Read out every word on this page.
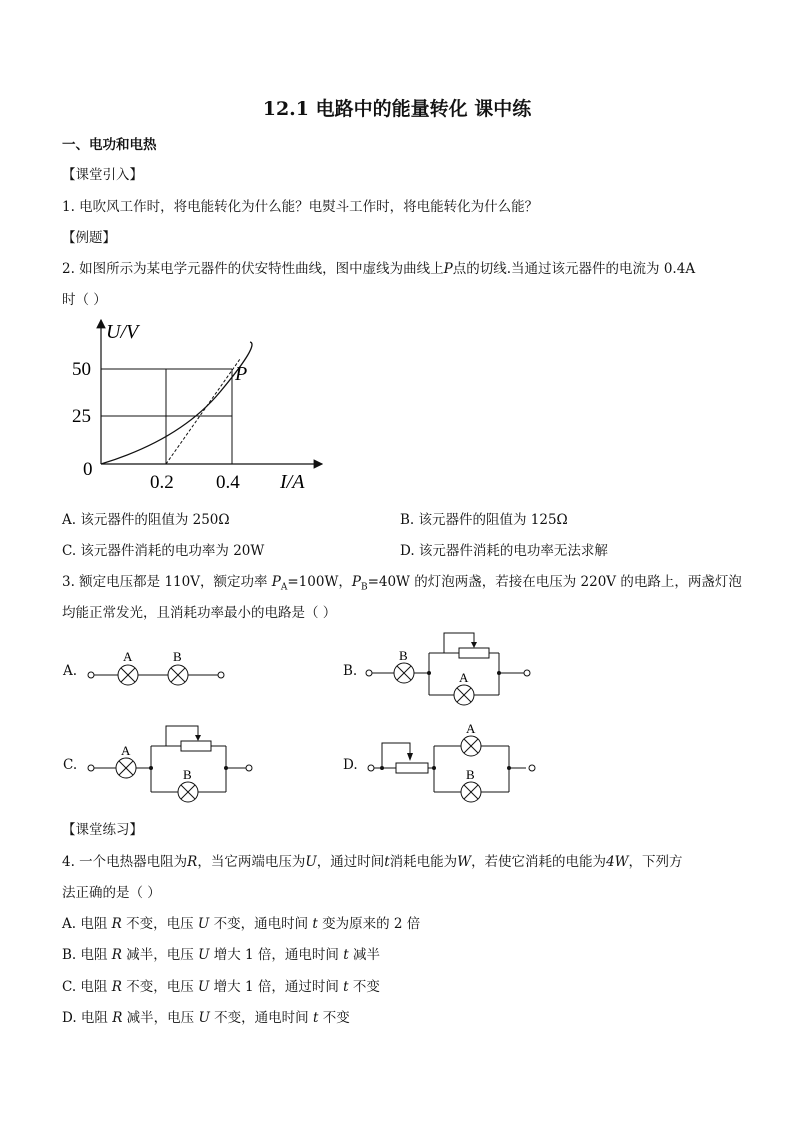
12.1 电路中的能量转化 课中练
一、电功和电热
【课堂引入】
1. 电吹风工作时，将电能转化为什么能？电熨斗工作时，将电能转化为什么能？
【例题】
2. 如图所示为某电学元器件的伏安特性曲线，图中虚线为曲线上P点的切线.当通过该元器件的电流为 0.4A
时（ ）
U/V
I/A
50
25
0
0.2 0.4
P
A. 该元器件的阻值为 250Ω	B. 该元器件的阻值为 125Ω
C. 该元器件消耗的电功率为 20W	D. 该元器件消耗的电功率无法求解
3. 额定电压都是 110V，额定功率 $P_A=100W$，$P_B=40W$ 的灯泡两盏，若接在电压为 220V 的电路上，两盏灯泡
均能正常发光，且消耗功率最小的电路是（ ）
A.	B.
C.	D.
A	B	B
A
A
B
A
B
【课堂练习】
4. 一个电热器电阻为R，当它两端电压为U，通过时间t消耗电能为W，若使它消耗的电能为4W，下列方
法正确的是（ ）
A. 电阻 R 不变，电压 U 不变，通电时间 t 变为原来的 2 倍
B. 电阻 R 减半，电压 U 增大 1 倍，通电时间 t 减半
C. 电阻 R 不变，电压 U 增大 1 倍，通过时间 t 不变
D. 电阻 R 减半，电压 U 不变，通电时间 t 不变
